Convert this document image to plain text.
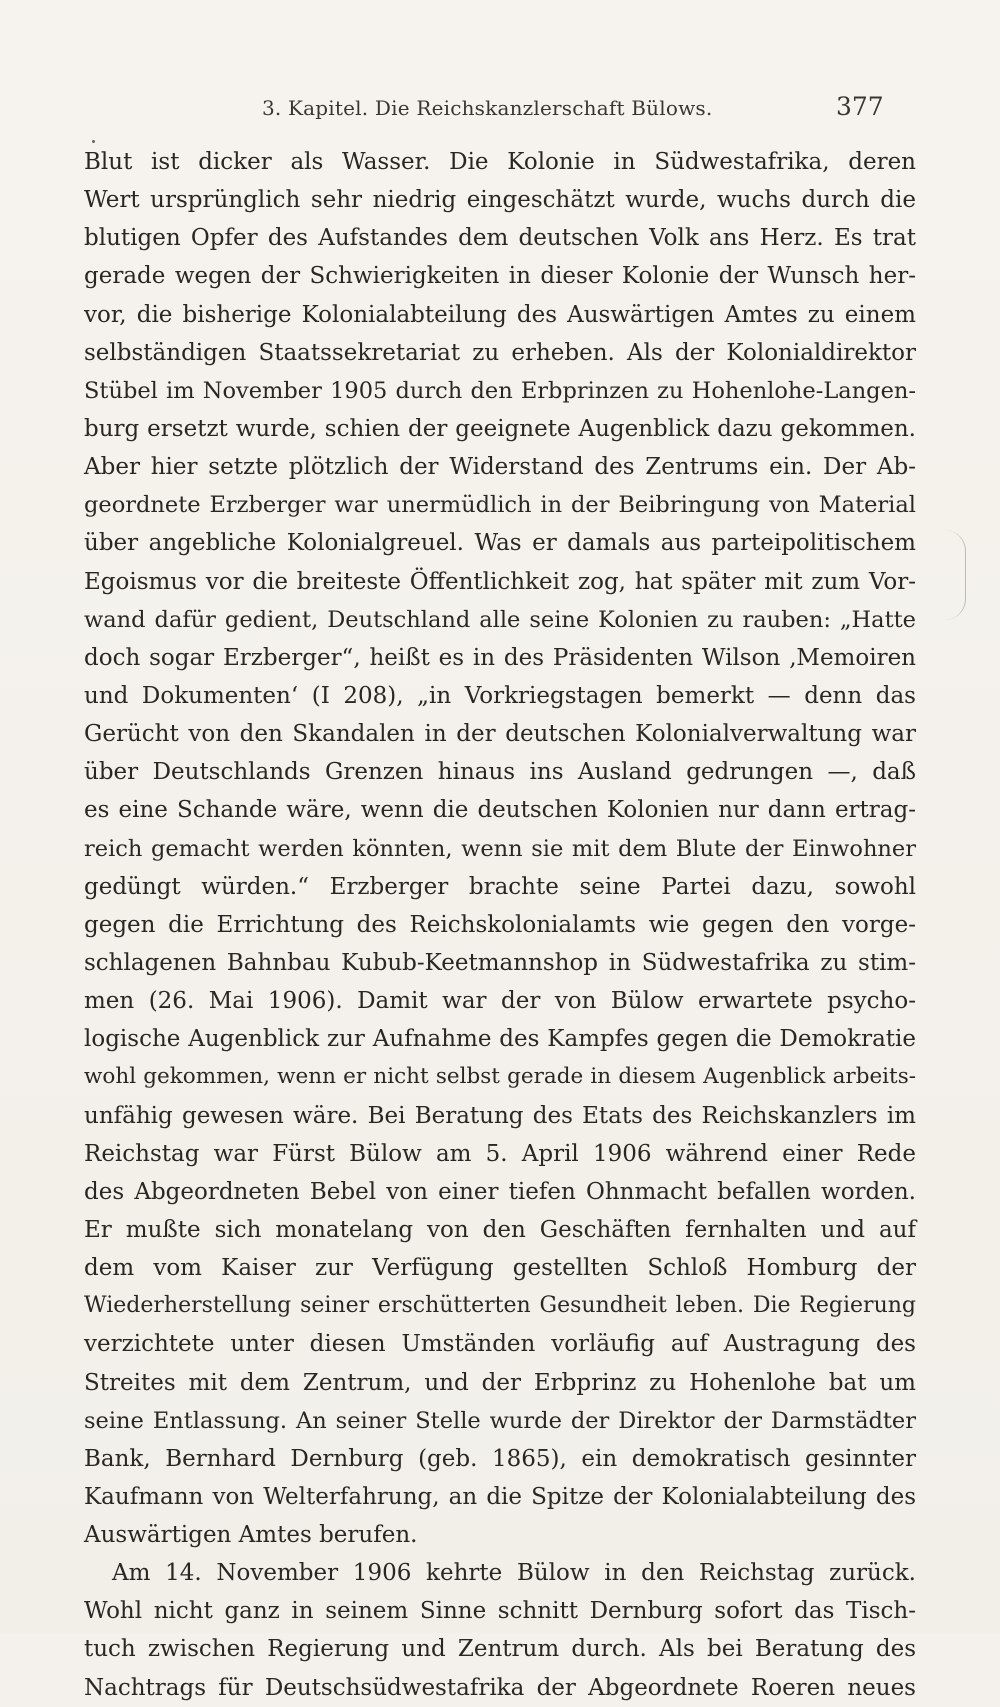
3. Kapitel. Die Reichskanzlerschaft Bülows.	377
Blut ist dicker als Wasser. Die Kolonie in Südwestafrika, deren
Wert ursprünglich sehr niedrig eingeschätzt wurde, wuchs durch die
blutigen Opfer des Aufstandes dem deutschen Volk ans Herz. Es trat
gerade wegen der Schwierigkeiten in dieser Kolonie der Wunsch her-
vor, die bisherige Kolonialabteilung des Auswärtigen Amtes zu einem
selbständigen Staatssekretariat zu erheben. Als der Kolonialdirektor
Stübel im November 1905 durch den Erbprinzen zu Hohenlohe-Langen-
burg ersetzt wurde, schien der geeignete Augenblick dazu gekommen.
Aber hier setzte plötzlich der Widerstand des Zentrums ein. Der Ab-
geordnete Erzberger war unermüdlich in der Beibringung von Material
über angebliche Kolonialgreuel. Was er damals aus parteipolitischem
Egoismus vor die breiteste Öffentlichkeit zog, hat später mit zum Vor-
wand dafür gedient, Deutschland alle seine Kolonien zu rauben: „Hatte
doch sogar Erzberger“, heißt es in des Präsidenten Wilson ‚Memoiren
und Dokumenten‘ (I 208), „in Vorkriegstagen bemerkt — denn das
Gerücht von den Skandalen in der deutschen Kolonialverwaltung war
über Deutschlands Grenzen hinaus ins Ausland gedrungen —, daß
es eine Schande wäre, wenn die deutschen Kolonien nur dann ertrag-
reich gemacht werden könnten, wenn sie mit dem Blute der Einwohner
gedüngt würden.“ Erzberger brachte seine Partei dazu, sowohl
gegen die Errichtung des Reichskolonialamts wie gegen den vorge-
schlagenen Bahnbau Kubub-Keetmannshop in Südwestafrika zu stim-
men (26. Mai 1906). Damit war der von Bülow erwartete psycho-
logische Augenblick zur Aufnahme des Kampfes gegen die Demokratie
wohl gekommen, wenn er nicht selbst gerade in diesem Augenblick arbeits-
unfähig gewesen wäre. Bei Beratung des Etats des Reichskanzlers im
Reichstag war Fürst Bülow am 5. April 1906 während einer Rede
des Abgeordneten Bebel von einer tiefen Ohnmacht befallen worden.
Er mußte sich monatelang von den Geschäften fernhalten und auf
dem vom Kaiser zur Verfügung gestellten Schloß Homburg der
Wiederherstellung seiner erschütterten Gesundheit leben. Die Regierung
verzichtete unter diesen Umständen vorläufig auf Austragung des
Streites mit dem Zentrum, und der Erbprinz zu Hohenlohe bat um
seine Entlassung. An seiner Stelle wurde der Direktor der Darmstädter
Bank, Bernhard Dernburg (geb. 1865), ein demokratisch gesinnter
Kaufmann von Welterfahrung, an die Spitze der Kolonialabteilung des
Auswärtigen Amtes berufen.
Am 14. November 1906 kehrte Bülow in den Reichstag zurück.
Wohl nicht ganz in seinem Sinne schnitt Dernburg sofort das Tisch-
tuch zwischen Regierung und Zentrum durch. Als bei Beratung des
Nachtrags für Deutschsüdwestafrika der Abgeordnete Roeren neues
